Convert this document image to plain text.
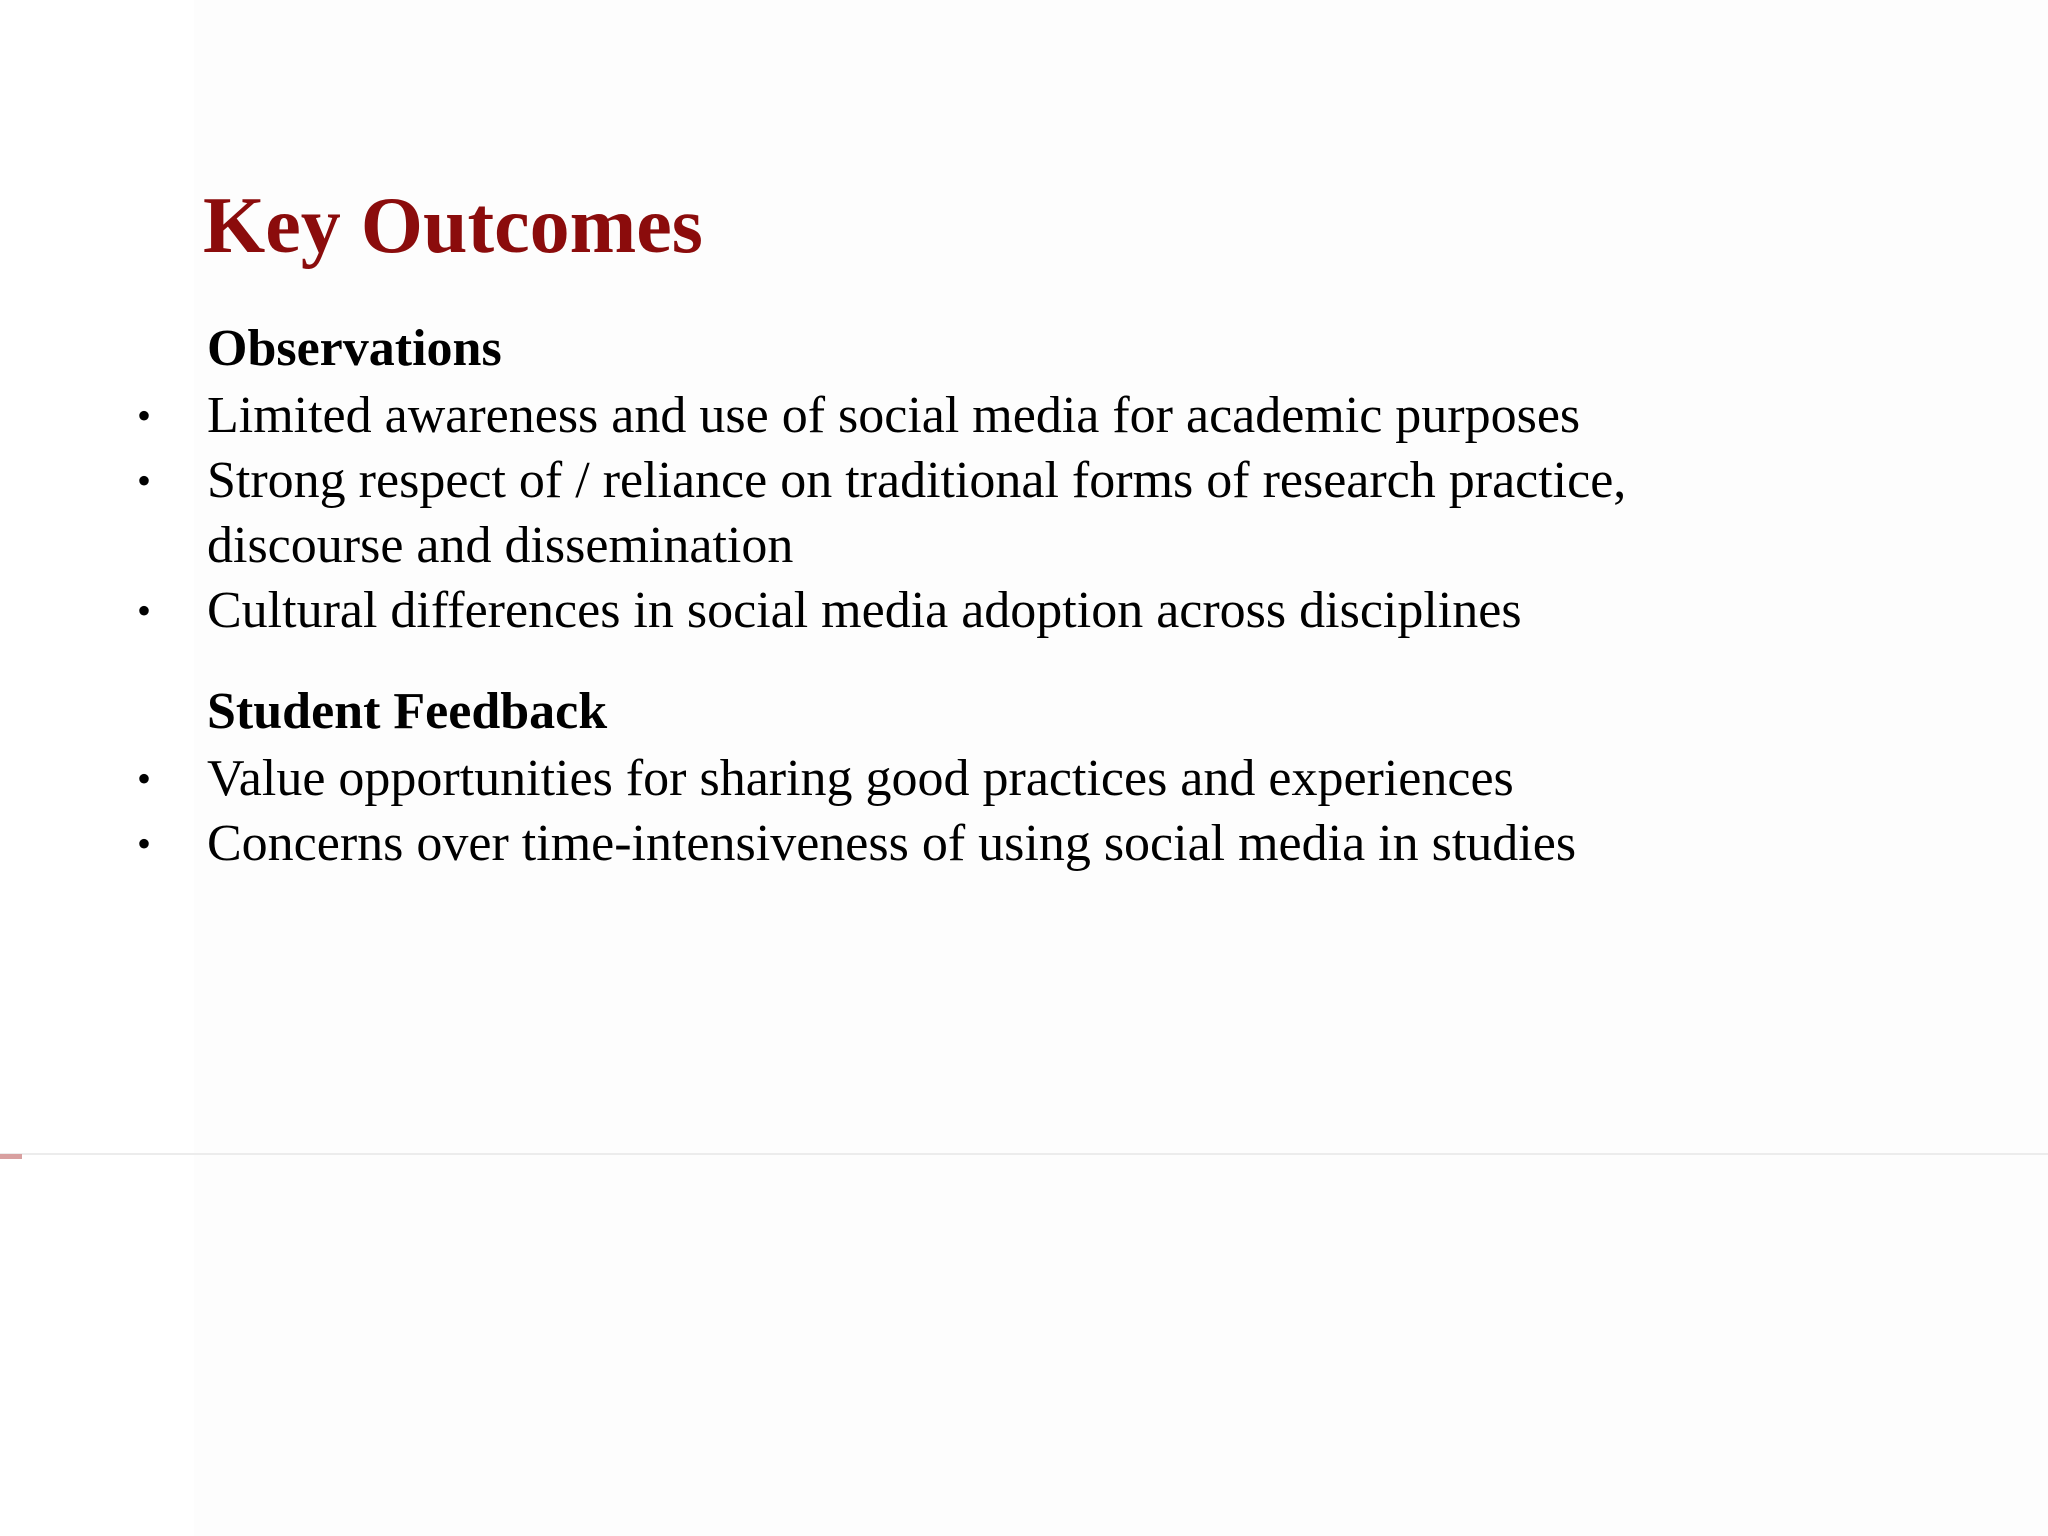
Key Outcomes
Observations
• Limited awareness and use of social media for academic purposes
• Strong respect of / reliance on traditional forms of research practice, discourse and dissemination
• Cultural differences in social media adoption across disciplines
Student Feedback
• Value opportunities for sharing good practices and experiences
• Concerns over time-intensiveness of using social media in studies
